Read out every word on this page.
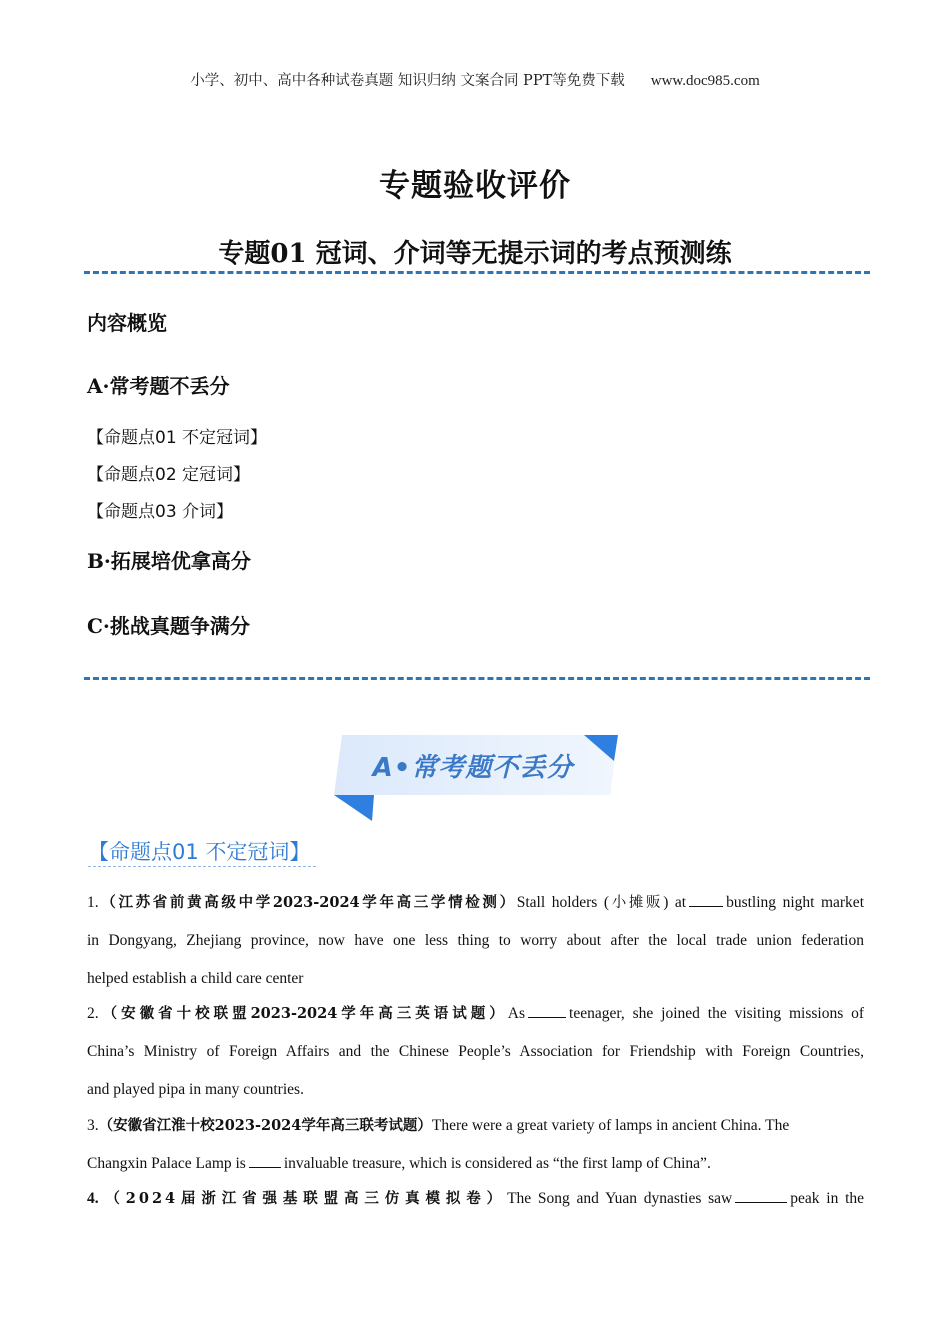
小学、初中、高中各种试卷真题 知识归纳 文案合同 PPT等免费下载 www.doc985.com
专题验收评价
专题01 冠词、介词等无提示词的考点预测练
内容概览
A·常考题不丢分
【命题点01 不定冠词】
【命题点02 定冠词】
【命题点03 介词】
B·拓展培优拿高分
C·挑战真题争满分
A•常考题不丢分
【命题点01 不定冠词】
1.（江苏省前黄高级中学2023-2024学年高三学情检测）Stall holders (小摊贩) at	bustling night market
in Dongyang, Zhejiang province, now have one less thing to worry about after the local trade union federation
helped establish a child care center
2.（安徽省十校联盟2023-2024学年高三英语试题）As	teenager, she joined the visiting missions of
China’s Ministry of Foreign Affairs and the Chinese People’s Association for Friendship with Foreign Countries,
and played pipa in many countries.
3.（安徽省江淮十校2023-2024学年高三联考试题）There were a great variety of lamps in ancient China. The
Changxin Palace Lamp is invaluable treasure, which is considered as “the first lamp of China”.
4. （2024届浙江省强基联盟高三仿真模拟卷）The Song and Yuan dynasties saw	peak in the
